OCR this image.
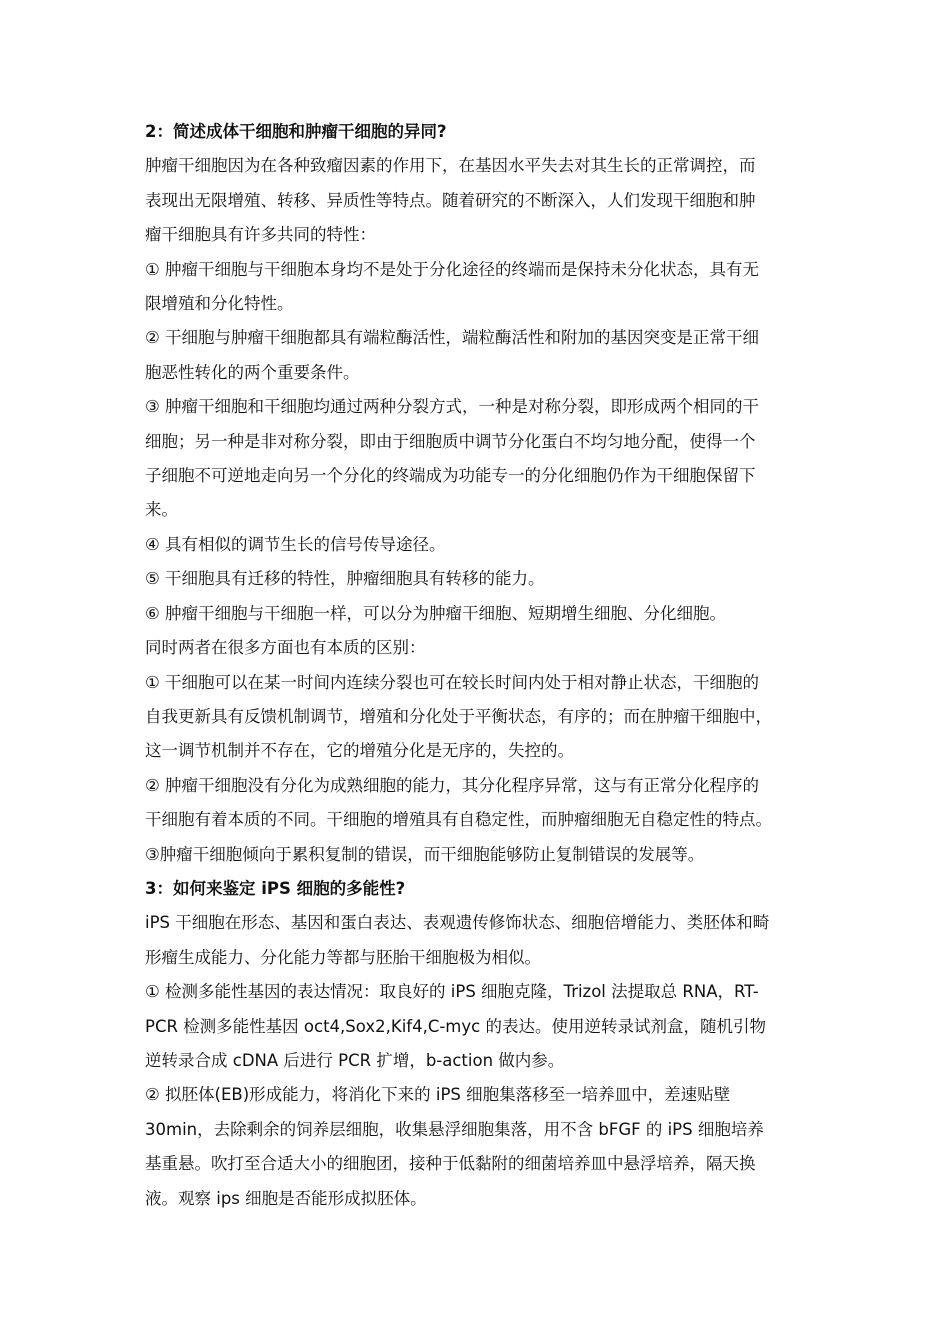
2：简述成体干细胞和肿瘤干细胞的异同?

肿瘤干细胞因为在各种致瘤因素的作用下，在基因水平失去对其生长的正常调控，而

表现出无限增殖、转移、异质性等特点。随着研究的不断深入，人们发现干细胞和肿

瘤干细胞具有许多共同的特性：

① 肿瘤干细胞与干细胞本身均不是处于分化途径的终端而是保持未分化状态，具有无

限增殖和分化特性。

② 干细胞与肿瘤干细胞都具有端粒酶活性，端粒酶活性和附加的基因突变是正常干细

胞恶性转化的两个重要条件。

③ 肿瘤干细胞和干细胞均通过两种分裂方式，一种是对称分裂，即形成两个相同的干

细胞；另一种是非对称分裂，即由于细胞质中调节分化蛋白不均匀地分配，使得一个

子细胞不可逆地走向另一个分化的终端成为功能专一的分化细胞仍作为干细胞保留下

来。

④ 具有相似的调节生长的信号传导途径。

⑤ 干细胞具有迁移的特性，肿瘤细胞具有转移的能力。

⑥ 肿瘤干细胞与干细胞一样，可以分为肿瘤干细胞、短期增生细胞、分化细胞。

同时两者在很多方面也有本质的区别：

① 干细胞可以在某一时间内连续分裂也可在较长时间内处于相对静止状态，干细胞的

自我更新具有反馈机制调节，增殖和分化处于平衡状态，有序的；而在肿瘤干细胞中，

这一调节机制并不存在，它的增殖分化是无序的，失控的。

② 肿瘤干细胞没有分化为成熟细胞的能力，其分化程序异常，这与有正常分化程序的

干细胞有着本质的不同。干细胞的增殖具有自稳定性，而肿瘤细胞无自稳定性的特点。

③肿瘤干细胞倾向于累积复制的错误，而干细胞能够防止复制错误的发展等。

3：如何来鉴定 iPS 细胞的多能性?

iPS 干细胞在形态、基因和蛋白表达、表观遗传修饰状态、细胞倍增能力、类胚体和畸

形瘤生成能力、分化能力等都与胚胎干细胞极为相似。

① 检测多能性基因的表达情况：取良好的 iPS 细胞克隆，Trizol 法提取总 RNA，RT-

PCR 检测多能性基因 oct4,Sox2,Kif4,C-myc 的表达。使用逆转录试剂盒，随机引物

逆转录合成 cDNA 后进行 PCR 扩增，b-action 做内参。

② 拟胚体(EB)形成能力，将消化下来的 iPS 细胞集落移至一培养皿中，差速贴壁

30min，去除剩余的饲养层细胞，收集悬浮细胞集落，用不含 bFGF 的 iPS 细胞培养

基重悬。吹打至合适大小的细胞团，接种于低黏附的细菌培养皿中悬浮培养，隔天换

液。观察 ips 细胞是否能形成拟胚体。
